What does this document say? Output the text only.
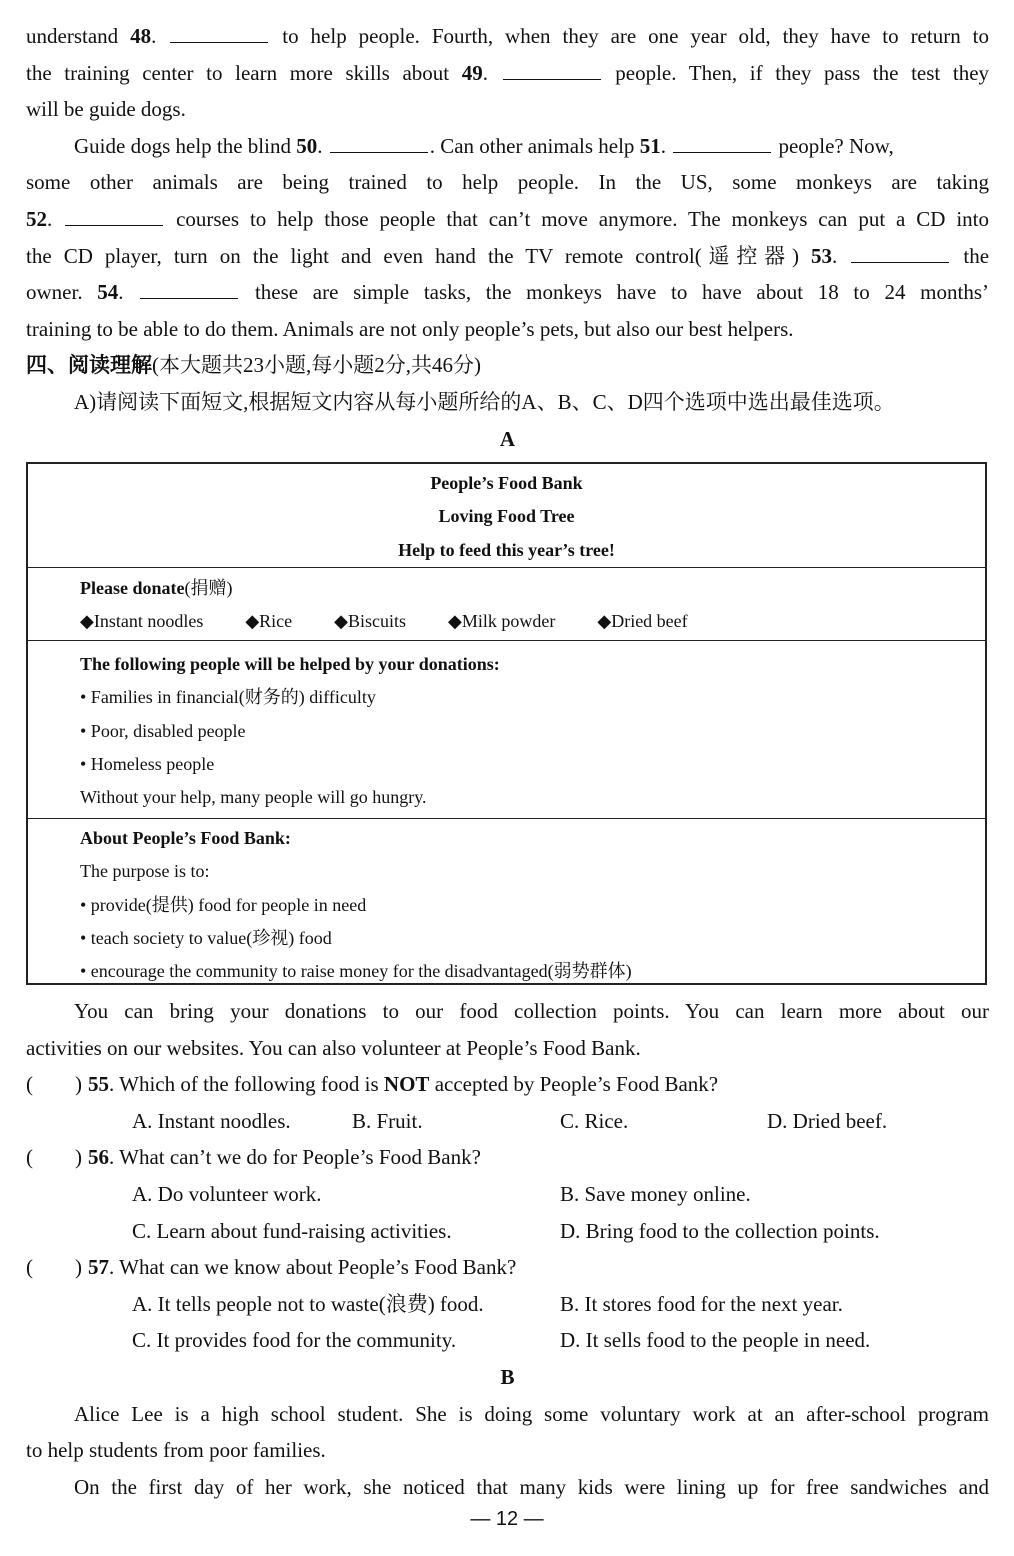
understand 48.	to help people. Fourth, when they are one year old, they have to return to
the training center to learn more skills about 49.	people. Then, if they pass the test they
will be guide dogs.
Guide dogs help the blind 50.	. Can other animals help 51.	people? Now,
some other animals are being trained to help people. In the US, some monkeys are taking
52.	courses to help those people that can’t move anymore. The monkeys can put a CD into
the CD player, turn on the light and even hand the TV remote control(遥控器) 53.	the
owner. 54.	these are simple tasks, the monkeys have to have about 18 to 24 months’
training to be able to do them. Animals are not only people’s pets, but also our best helpers.
四、阅读理解(本大题共23小题,每小题2分,共46分)
A)请阅读下面短文,根据短文内容从每小题所给的A、B、C、D四个选项中选出最佳选项。
A
People’s Food Bank
Loving Food Tree
Help to feed this year’s tree!
Please donate(捐赠)
◆Instant noodles ◆Rice ◆Biscuits ◆Milk powder ◆Dried beef
The following people will be helped by your donations:
• Families in financial(财务的) difficulty
• Poor, disabled people
• Homeless people
Without your help, many people will go hungry.
About People’s Food Bank:
The purpose is to:
• provide(提供) food for people in need
• teach society to value(珍视) food
• encourage the community to raise money for the disadvantaged(弱势群体)
You can bring your donations to our food collection points. You can learn more about our
activities on our websites. You can also volunteer at People’s Food Bank.
( ) 55. Which of the following food is NOT accepted by People’s Food Bank?
A. Instant noodles.	B. Fruit.	C. Rice.	D. Dried beef.
( ) 56. What can’t we do for People’s Food Bank?
A. Do volunteer work.	B. Save money online.
C. Learn about fund-raising activities.	D. Bring food to the collection points.
( ) 57. What can we know about People’s Food Bank?
A. It tells people not to waste(浪费) food.	B. It stores food for the next year.
C. It provides food for the community.	D. It sells food to the people in need.
B
Alice Lee is a high school student. She is doing some voluntary work at an after-school program
to help students from poor families.
On the first day of her work, she noticed that many kids were lining up for free sandwiches and
— 12 —
